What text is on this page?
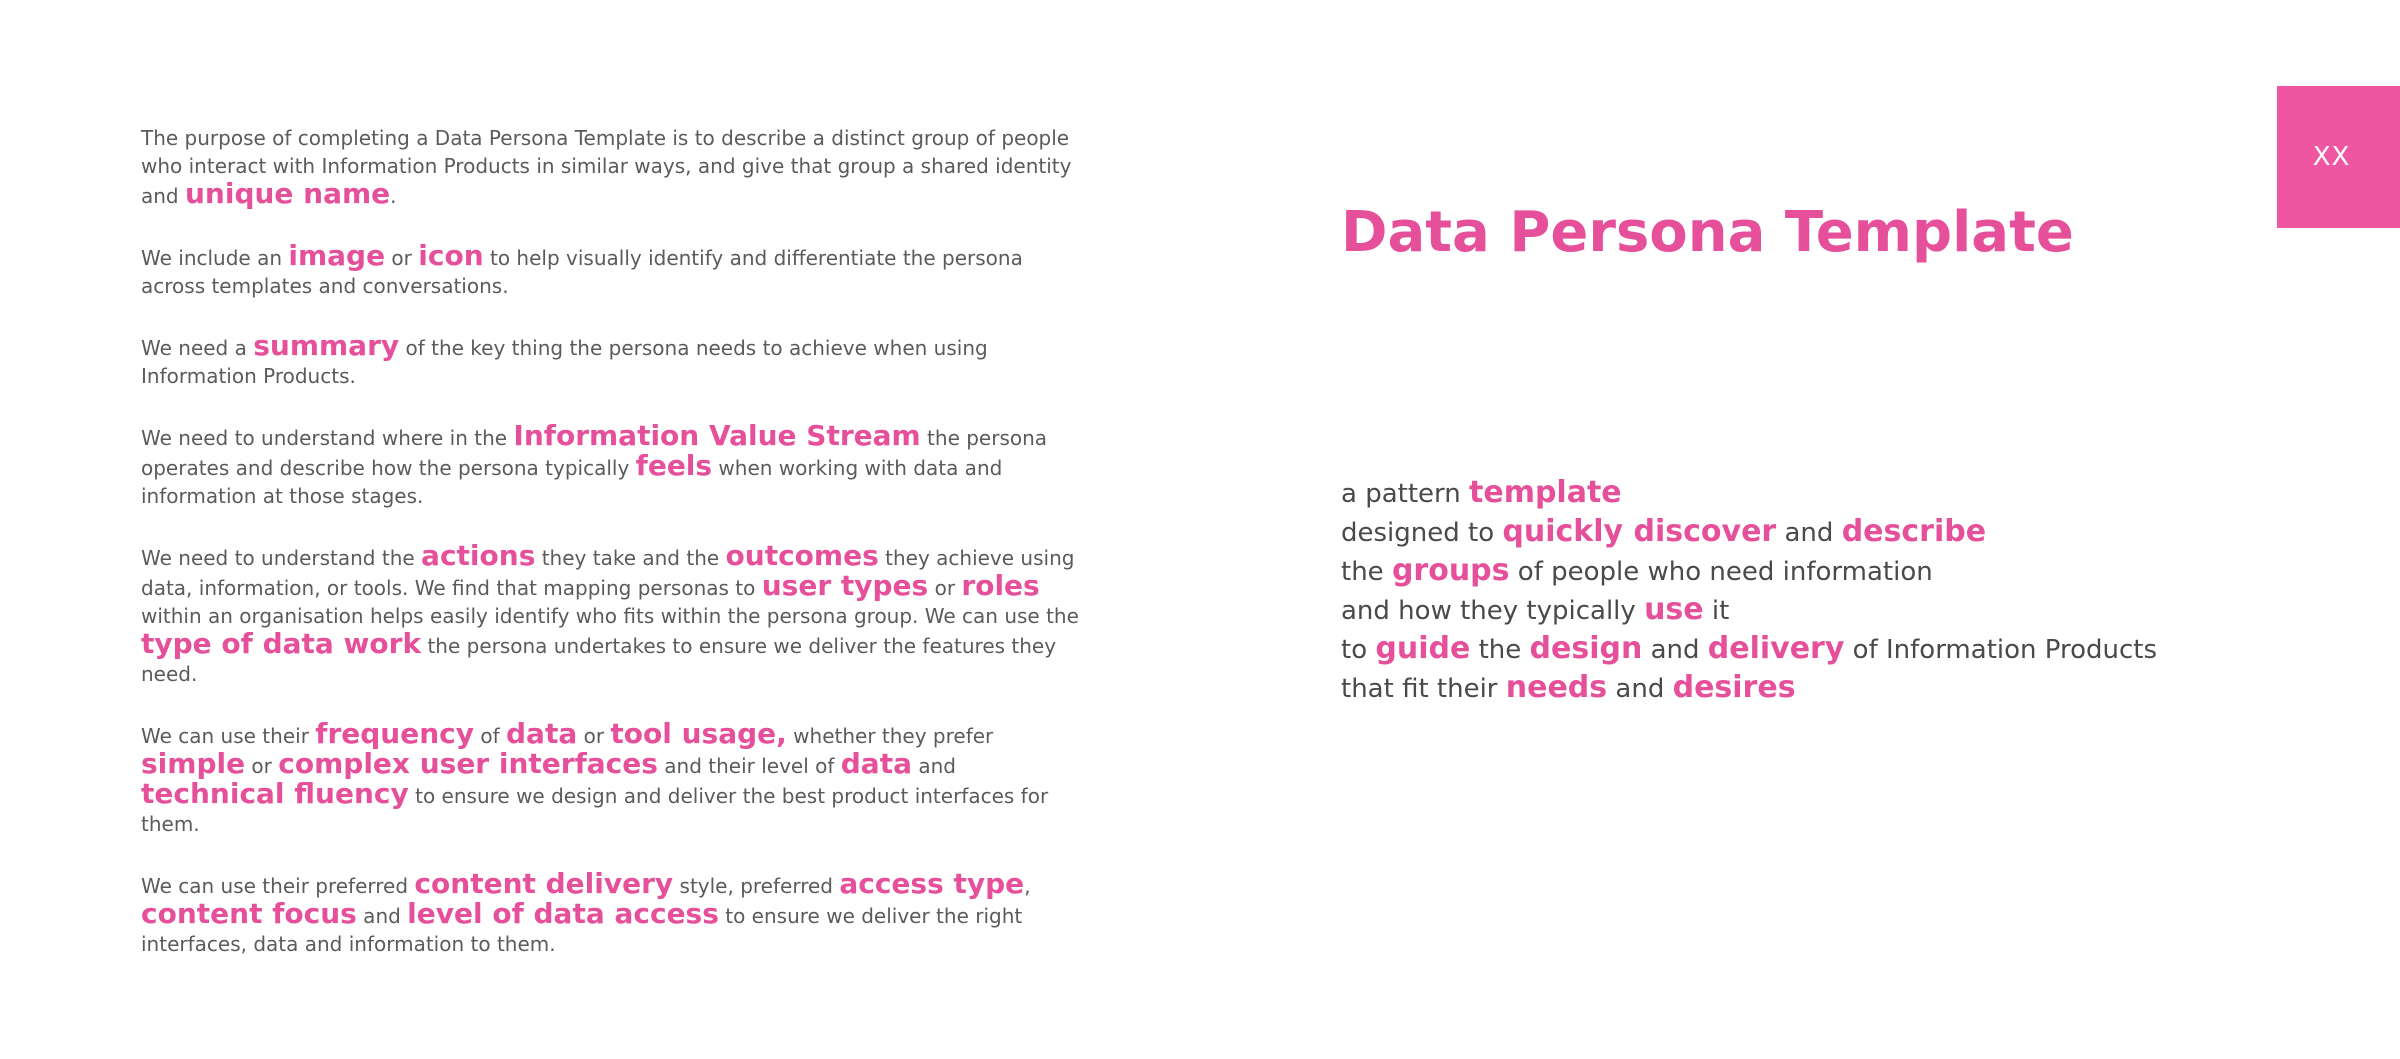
The purpose of completing a Data Persona Template is to describe a distinct group of people who interact with Information Products in similar ways, and give that group a shared identity and unique name.

We include an image or icon to help visually identify and differentiate the persona across templates and conversations.

We need a summary of the key thing the persona needs to achieve when using Information Products.

We need to understand where in the Information Value Stream the persona operates and describe how the persona typically feels when working with data and information at those stages.

We need to understand the actions they take and the outcomes they achieve using data, information, or tools. We find that mapping personas to user types or roles within an organisation helps easily identify who fits within the persona group. We can use the type of data work the persona undertakes to ensure we deliver the features they need.

We can use their frequency of data or tool usage, whether they prefer simple or complex user interfaces and their level of data and technical fluency to ensure we design and deliver the best product interfaces for them.

We can use their preferred content delivery style, preferred access type, content focus and level of data access to ensure we deliver the right interfaces, data and information to them.

XX
Data Persona Template
a pattern template
designed to quickly discover and describe
the groups of people who need information
and how they typically use it
to guide the design and delivery of Information Products
that fit their needs and desires
